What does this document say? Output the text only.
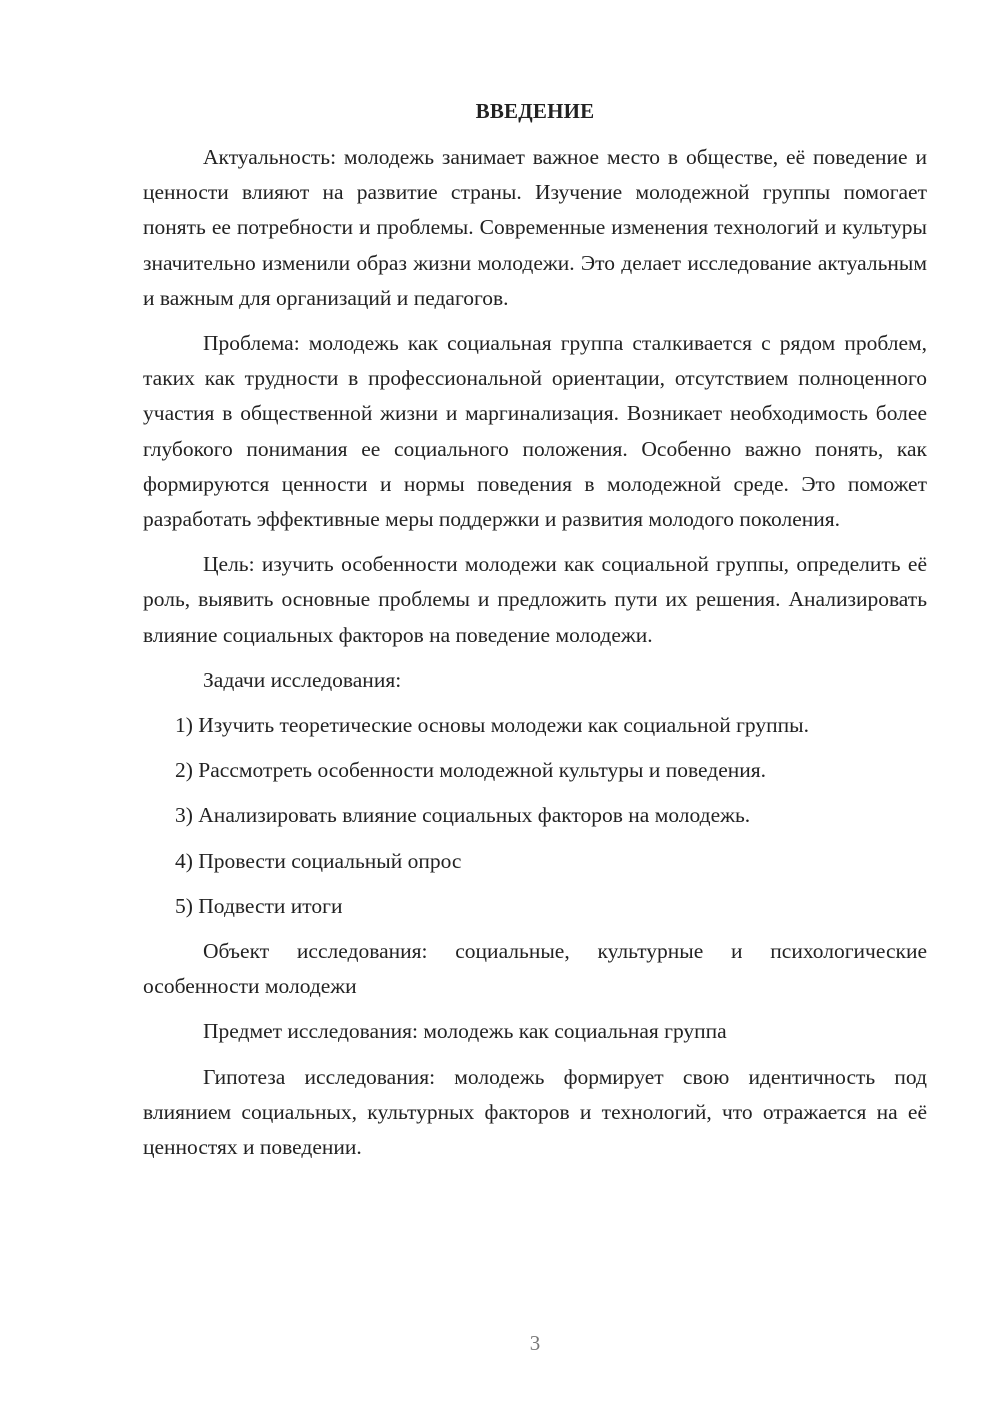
ВВЕДЕНИЕ

Актуальность: молодежь занимает важное место в обществе, её поведение и ценности влияют на развитие страны. Изучение молодежной группы помогает понять ее потребности и проблемы. Современные изменения технологий и культуры значительно изменили образ жизни молодежи. Это делает исследование актуальным и важным для организаций и педагогов.

Проблема: молодежь как социальная группа сталкивается с рядом проблем, таких как трудности в профессиональной ориентации, отсутствием полноценного участия в общественной жизни и маргинализация. Возникает необходимость более глубокого понимания ее социального положения. Особенно важно понять, как формируются ценности и нормы поведения в молодежной среде. Это поможет разработать эффективные меры поддержки и развития молодого поколения.

Цель: изучить особенности молодежи как социальной группы, определить её роль, выявить основные проблемы и предложить пути их решения. Анализировать влияние социальных факторов на поведение молодежи.

Задачи исследования:

1) Изучить теоретические основы молодежи как социальной группы.
2) Рассмотреть особенности молодежной культуры и поведения.
3) Анализировать влияние социальных факторов на молодежь.
4) Провести социальный опрос
5) Подвести итоги

Объект исследования: социальные, культурные и психологические особенности молодежи

Предмет исследования: молодежь как социальная группа

Гипотеза исследования: молодежь формирует свою идентичность под влиянием социальных, культурных факторов и технологий, что отражается на её ценностях и поведении.

3
